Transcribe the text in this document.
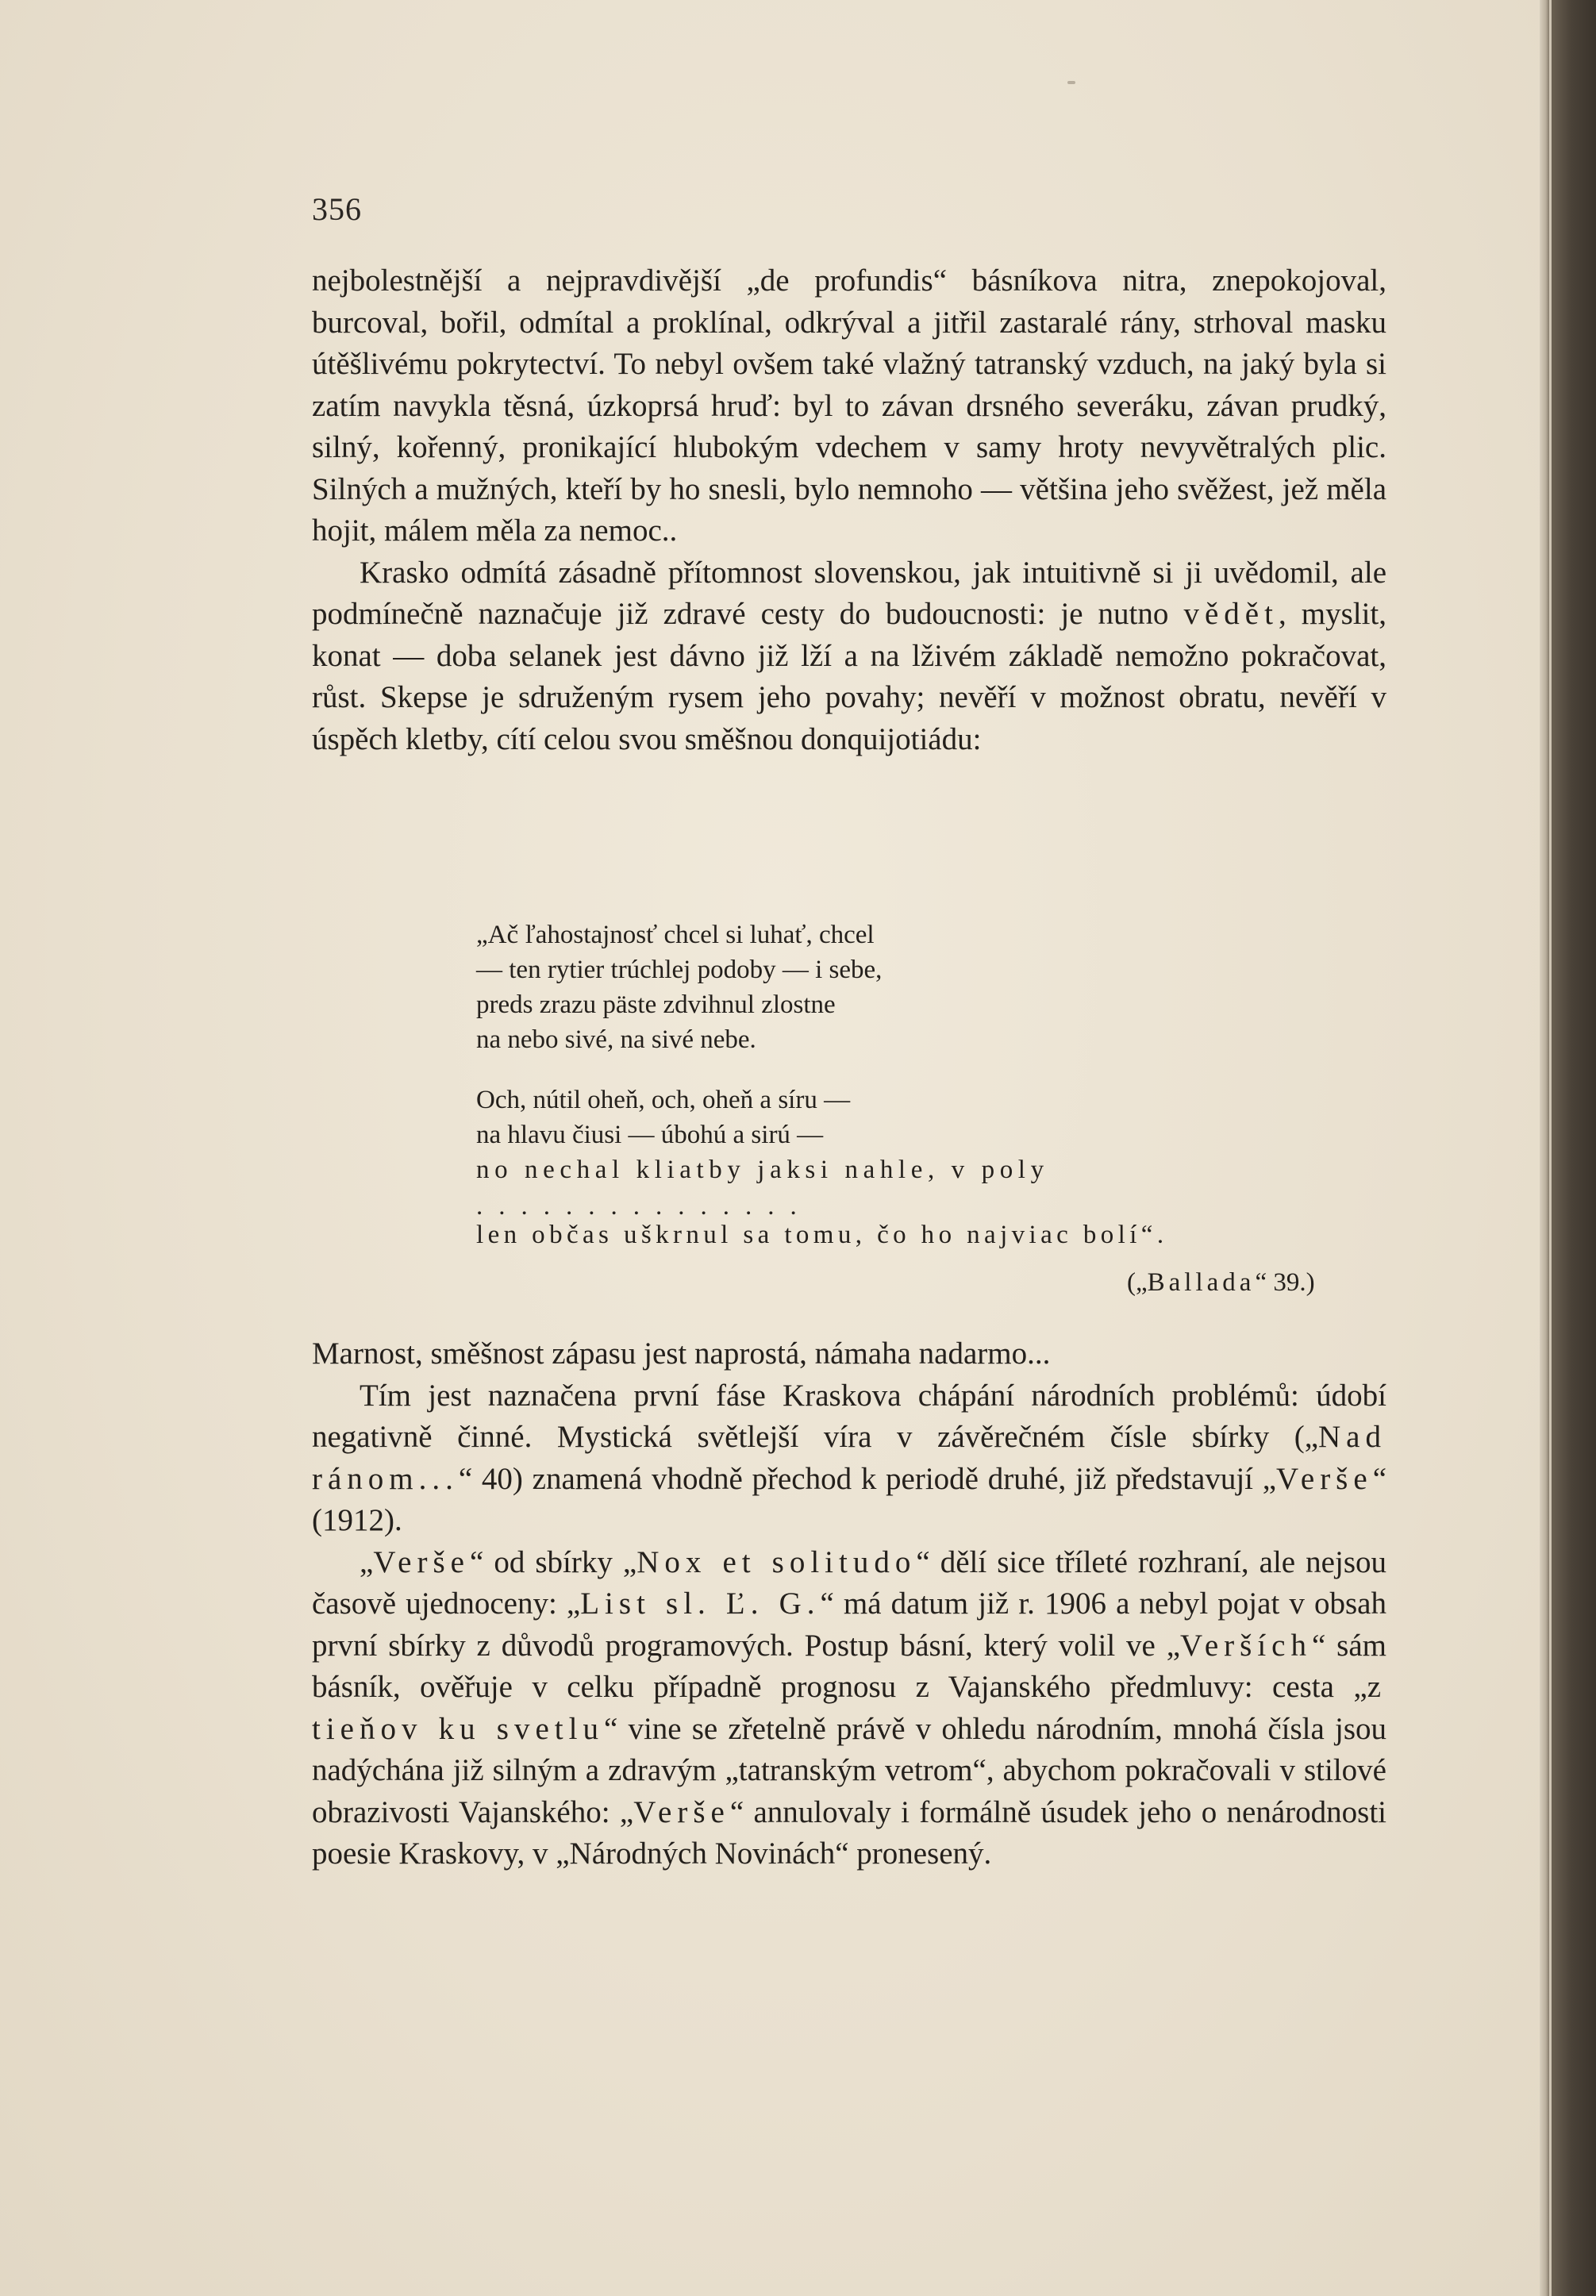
356

nejbolestnější a nejpravdivější „de profundis“ básníkova nitra, znepokojoval, burcoval, bořil, odmítal a proklínal, odkrýval a jitřil zastaralé rány, strhoval masku útěšlivému pokrytectví. To nebyl ovšem také vlažný tatranský vzduch, na jaký byla si zatím navykla těsná, úzkoprsá hruď: byl to závan drsného severáku, závan prudký, silný, kořenný, pronikající hlubokým vdechem v samy hroty nevyvětralých plic. Silných a mužných, kteří by ho snesli, bylo nemnoho — většina jeho svěžest, jež měla hojit, málem měla za nemoc..

Krasko odmítá zásadně přítomnost slovenskou, jak intuitivně si ji uvědomil, ale podmínečně naznačuje již zdravé cesty do budoucnosti: je nutno vědět, myslit, konat — doba selanek jest dávno již lží a na lživém základě nemožno pokračovat, růst. Skepse je sdruženým rysem jeho povahy; nevěří v možnost obratu, nevěří v úspěch kletby, cítí celou svou směšnou donquijotiádu:

„Ač ľahostajnosť chcel si luhať, chcel
— ten rytier trúchlej podoby — i sebe,
preds zrazu päste zdvihnul zlostne
na nebo sivé, na sivé nebe.
Och, nútil oheň, och, oheň a síru —
na hlavu čiusi — úbohú a sirú —
no nechal kliatby jaksi nahle, v poly
...............
len občas uškrnul sa tomu, čo ho najviac bolí“.
(„Ballada“ 39.)

Marnost, směšnost zápasu jest naprostá, námaha nadarmo...

Tím jest naznačena první fáse Kraskova chápání národních problémů: údobí negativně činné. Mystická světlejší víra v závěrečném čísle sbírky („Nad ránom...“ 40) znamená vhodně přechod k periodě druhé, již představují „Verše“ (1912).

„Verše“ od sbírky „Nox et solitudo“ dělí sice tříleté rozhraní, ale nejsou časově ujednoceny: „List sl. Ľ. G.“ má datum již r. 1906 a nebyl pojat v obsah první sbírky z důvodů programových. Postup básní, který volil ve „Verších“ sám básník, ověřuje v celku případně prognosu z Vajanského předmluvy: cesta „z tieňov ku svetlu“ vine se zřetelně právě v ohledu národním, mnohá čísla jsou nadýchána již silným a zdravým „tatranským vetrom“, abychom pokračovali v stilové obrazivosti Vajanského: „Verše“ annulovaly i formálně úsudek jeho o nenárodnosti poesie Kraskovy, v „Národných Novinách“ pronesený.
